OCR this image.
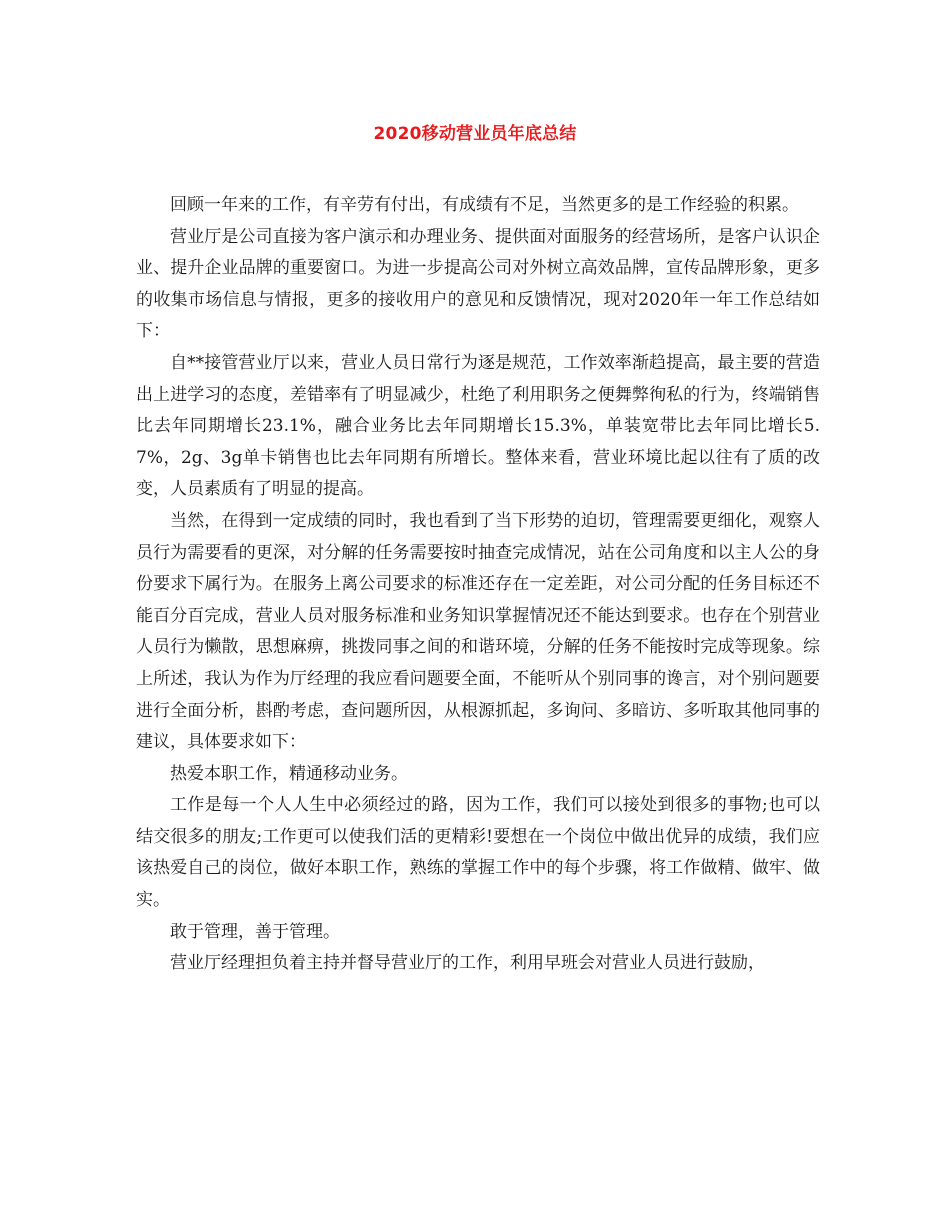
2020移动营业员年底总结

回顾一年来的工作，有辛劳有付出，有成绩有不足，当然更多的是工作经验的积累。

营业厅是公司直接为客户演示和办理业务、提供面对面服务的经营场所，是客户认识企业、提升企业品牌的重要窗口。为进一步提高公司对外树立高效品牌，宣传品牌形象，更多的收集市场信息与情报，更多的接收用户的意见和反馈情况，现对2020年一年工作总结如下：

自**接管营业厅以来，营业人员日常行为逐是规范，工作效率渐趋提高，最主要的营造出上进学习的态度，差错率有了明显减少，杜绝了利用职务之便舞弊徇私的行为，终端销售比去年同期增长23.1%，融合业务比去年同期增长15.3%，单装宽带比去年同比增长5.7%，2g、3g单卡销售也比去年同期有所增长。整体来看，营业环境比起以往有了质的改变，人员素质有了明显的提高。

当然，在得到一定成绩的同时，我也看到了当下形势的迫切，管理需要更细化，观察人员行为需要看的更深，对分解的任务需要按时抽查完成情况，站在公司角度和以主人公的身份要求下属行为。在服务上离公司要求的标准还存在一定差距，对公司分配的任务目标还不能百分百完成，营业人员对服务标准和业务知识掌握情况还不能达到要求。也存在个别营业人员行为懒散，思想麻痹，挑拨同事之间的和谐环境，分解的任务不能按时完成等现象。综上所述，我认为作为厅经理的我应看问题要全面，不能听从个别同事的谗言，对个别问题要进行全面分析，斟酌考虑，查问题所因，从根源抓起，多询问、多暗访、多听取其他同事的建议，具体要求如下：

热爱本职工作，精通移动业务。

工作是每一个人人生中必须经过的路，因为工作，我们可以接处到很多的事物;也可以结交很多的朋友;工作更可以使我们活的更精彩!要想在一个岗位中做出优异的成绩，我们应该热爱自己的岗位，做好本职工作，熟练的掌握工作中的每个步骤，将工作做精、做牢、做实。

敢于管理，善于管理。

营业厅经理担负着主持并督导营业厅的工作，利用早班会对营业人员进行鼓励，
